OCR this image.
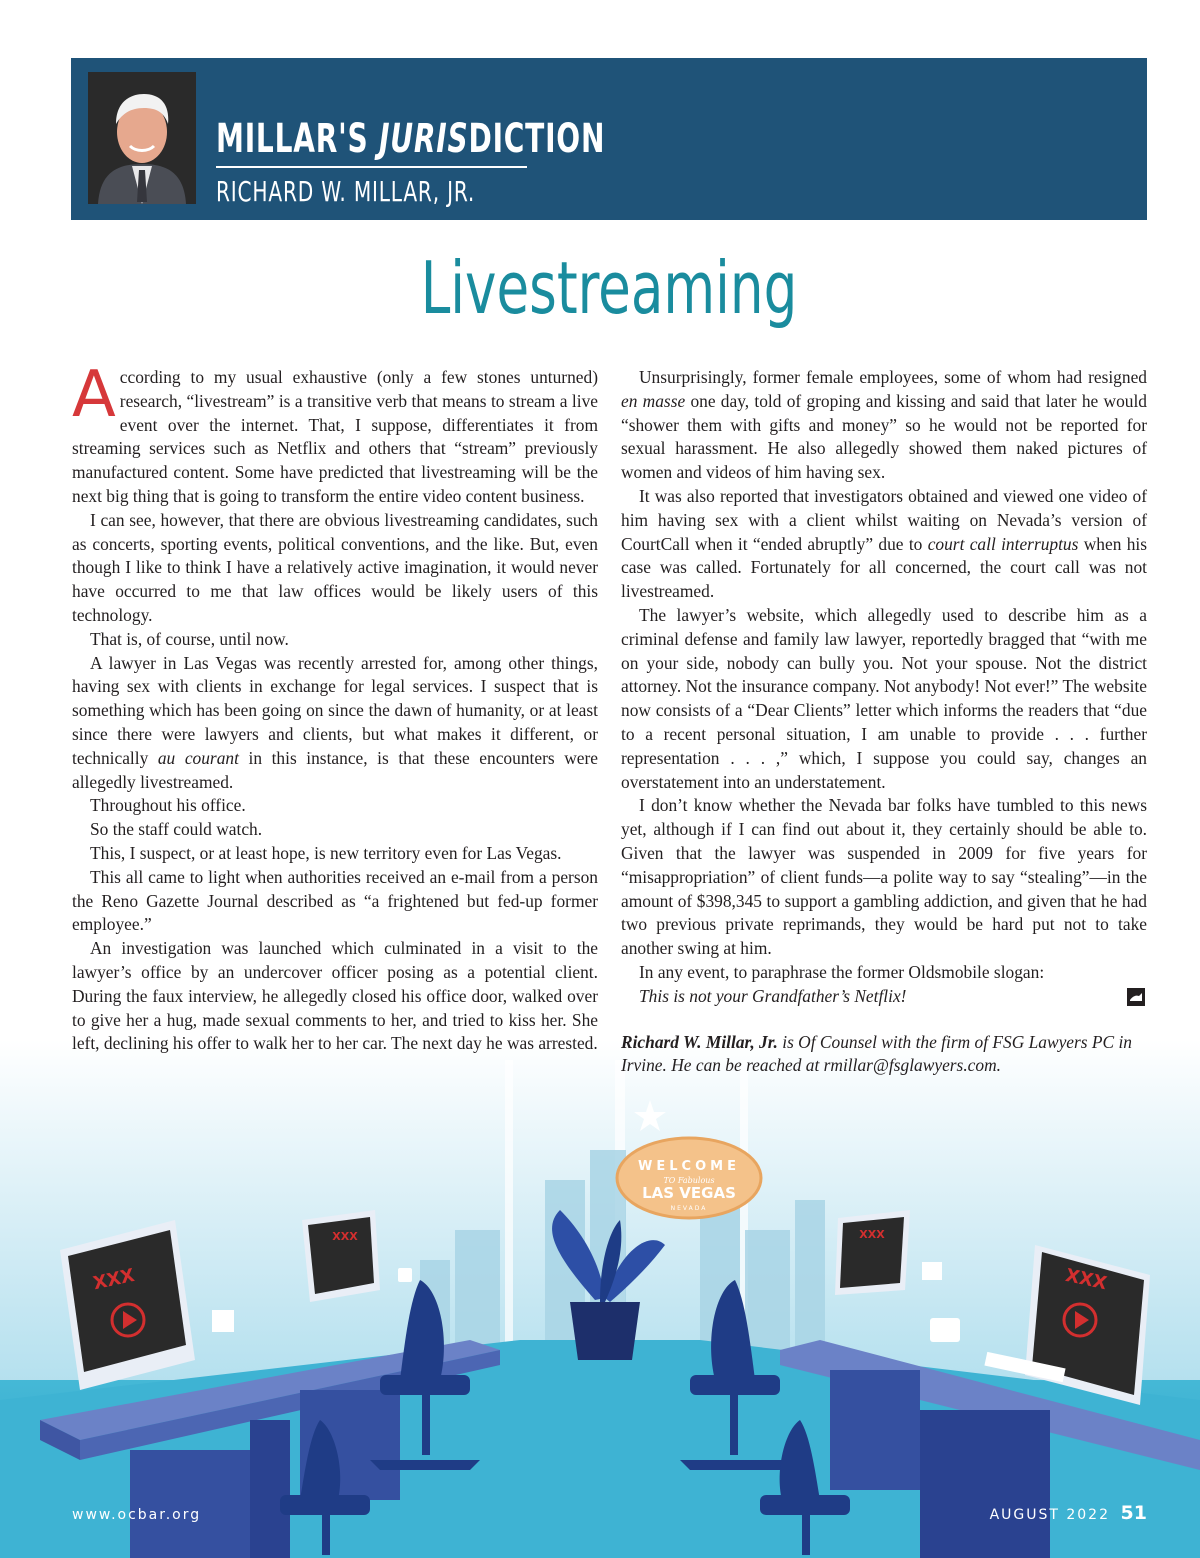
WELCOME
TO Fabulous
LAS VEGAS
NEVADA
XXX
XXX	XXX
XXX
MILLAR'S JURISDICTION
RICHARD W. MILLAR, JR.
Livestreaming

According to my usual exhaustive (only a few stones unturned) research, “livestream” is a transitive verb that means to stream a live event over the internet. That, I suppose, differentiates it from streaming services such as Netflix and others that “stream” previously manufactured content. Some have predicted that livestreaming will be the next big thing that is going to transform the entire video content business.

I can see, however, that there are obvious livestreaming candidates, such as concerts, sporting events, political conventions, and the like. But, even though I like to think I have a relatively active imagination, it would never have occurred to me that law offices would be likely users of this technology.

That is, of course, until now.

A lawyer in Las Vegas was recently arrested for, among other things, having sex with clients in exchange for legal services. I suspect that is something which has been going on since the dawn of humanity, or at least since there were lawyers and clients, but what makes it different, or technically au courant in this instance, is that these encounters were allegedly livestreamed.

Throughout his office.

So the staff could watch.

This, I suspect, or at least hope, is new territory even for Las Vegas.

This all came to light when authorities received an e-mail from a person the Reno Gazette Journal described as “a frightened but fed-up former employee.”

An investigation was launched which culminated in a visit to the lawyer’s office by an undercover officer posing as a potential client. During the faux interview, he allegedly closed his office door, walked over to give her a hug, made sexual comments to her, and tried to kiss her. She left, declining his offer to walk her to her car. The next day he was arrested.

Unsurprisingly, former female employees, some of whom had resigned en masse one day, told of groping and kissing and said that later he would “shower them with gifts and money” so he would not be reported for sexual harassment. He also allegedly showed them naked pictures of women and videos of him having sex.

It was also reported that investigators obtained and viewed one video of him having sex with a client whilst waiting on Nevada’s version of CourtCall when it “ended abruptly” due to court call interruptus when his case was called. Fortunately for all concerned, the court call was not livestreamed.

The lawyer’s website, which allegedly used to describe him as a criminal defense and family law lawyer, reportedly bragged that “with me on your side, nobody can bully you. Not your spouse. Not the district attorney. Not the insurance company. Not anybody! Not ever!” The website now consists of a “Dear Clients” letter which informs the readers that “due to a recent personal situation, I am unable to provide . . . further representation . . . ,” which, I suppose you could say, changes an overstatement into an understatement.

I don’t know whether the Nevada bar folks have tumbled to this news yet, although if I can find out about it, they certainly should be able to. Given that the lawyer was suspended in 2009 for five years for “misappropriation” of client funds—a polite way to say “stealing”—in the amount of $398,345 to support a gambling addiction, and given that he had two previous private reprimands, they would be hard put not to take another swing at him.

In any event, to paraphrase the former Oldsmobile slogan:

This is not your Grandfather’s Netflix!

Richard W. Millar, Jr. is Of Counsel with the firm of FSG Lawyers PC in Irvine. He can be reached at rmillar@fsglawyers.com.

www.ocbar.org	AUGUST 2022 51
